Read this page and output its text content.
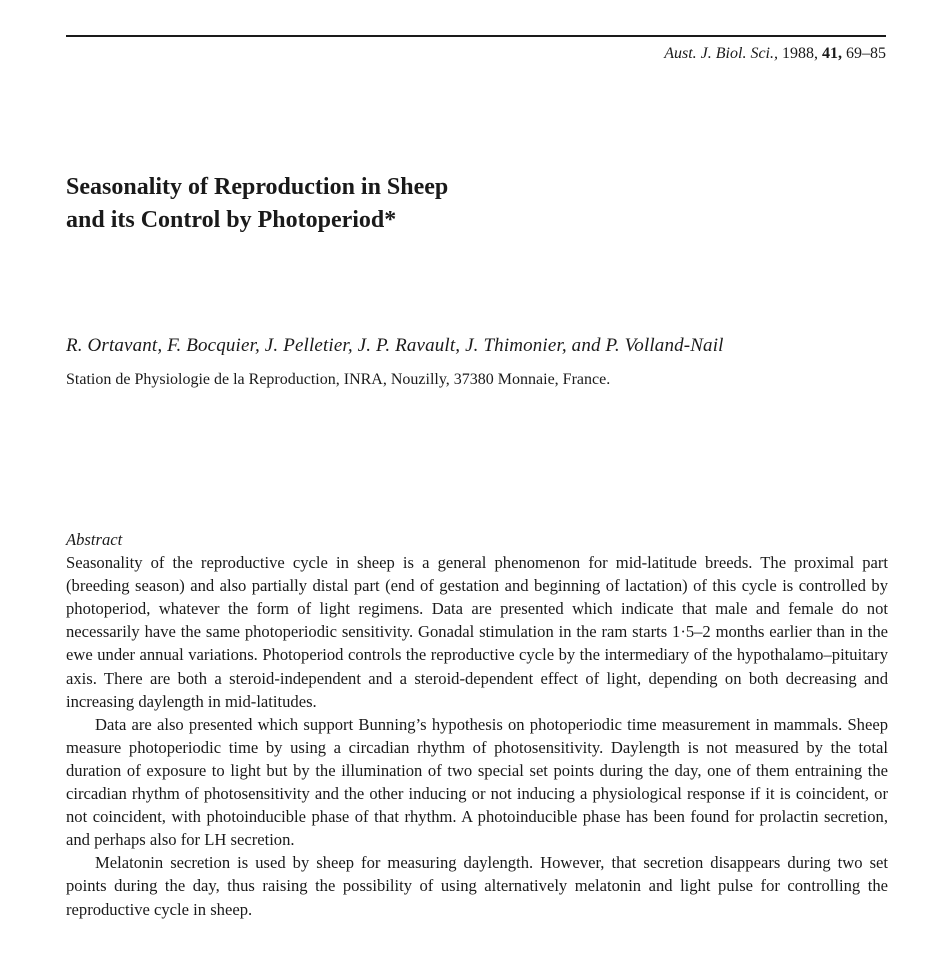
Aust. J. Biol. Sci., 1988, 41, 69–85
Seasonality of Reproduction in Sheep
and its Control by Photoperiod*
R. Ortavant, F. Bocquier, J. Pelletier, J. P. Ravault, J. Thimonier, and P. Volland-Nail
Station de Physiologie de la Reproduction, INRA, Nouzilly, 37380 Monnaie, France.
Abstract

Seasonality of the reproductive cycle in sheep is a general phenomenon for mid-latitude breeds. The proximal part (breeding season) and also partially distal part (end of gestation and beginning of lactation) of this cycle is controlled by photoperiod, whatever the form of light regimens. Data are presented which indicate that male and female do not necessarily have the same photoperiodic sensitivity. Gonadal stimulation in the ram starts 1·5–2 months earlier than in the ewe under annual variations. Photoperiod controls the reproductive cycle by the intermediary of the hypothalamo–pituitary axis. There are both a steroid-independent and a steroid-dependent effect of light, depending on both decreasing and increasing daylength in mid-latitudes.

Data are also presented which support Bunning’s hypothesis on photoperiodic time measurement in mammals. Sheep measure photoperiodic time by using a circadian rhythm of photosensitivity. Daylength is not measured by the total duration of exposure to light but by the illumination of two special set points during the day, one of them entraining the circadian rhythm of photosensitivity and the other inducing or not inducing a physiological response if it is coincident, or not coincident, with photoinducible phase of that rhythm. A photoinducible phase has been found for prolactin secretion, and perhaps also for LH secretion.

Melatonin secretion is used by sheep for measuring daylength. However, that secretion disappears during two set points during the day, thus raising the possibility of using alternatively melatonin and light pulse for controlling the reproductive cycle in sheep.
